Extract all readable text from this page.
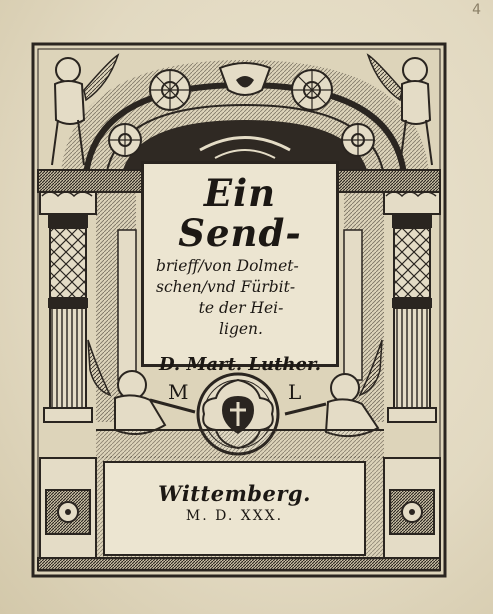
4
M	L
Ein Send-
brieff/von Dolmet-
schen/vnd Fürbit-
te der Hei-
ligen.
D. Mart. Luther.
Wittemberg.
M. D. XXX.
